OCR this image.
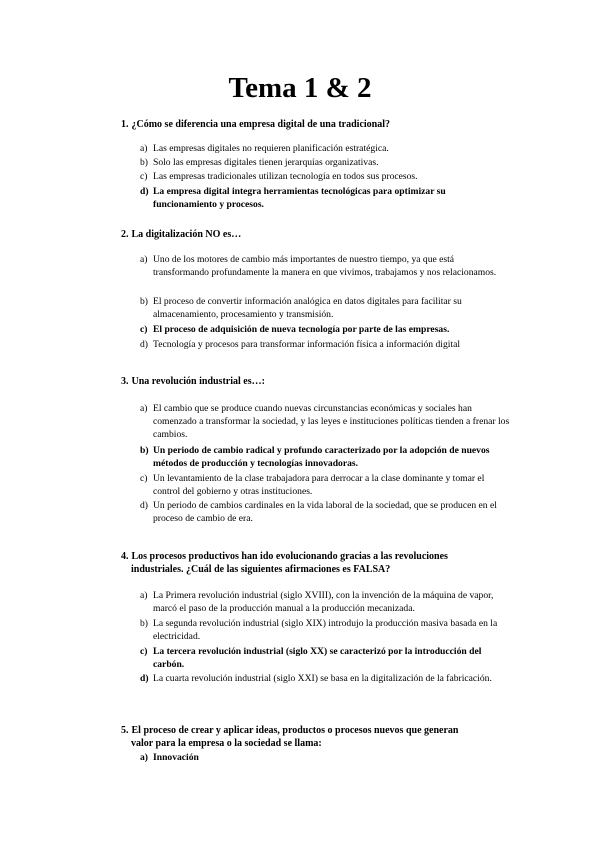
Tema 1 & 2
1. ¿Cómo se diferencia una empresa digital de una tradicional?
a) Las empresas digitales no requieren planificación estratégica.
b) Solo las empresas digitales tienen jerarquías organizativas.
c) Las empresas tradicionales utilizan tecnología en todos sus procesos.
d) La empresa digital integra herramientas tecnológicas para optimizar su funcionamiento y procesos.
2. La digitalización NO es…
a) Uno de los motores de cambio más importantes de nuestro tiempo, ya que está transformando profundamente la manera en que vivimos, trabajamos y nos relacionamos.
b) El proceso de convertir información analógica en datos digitales para facilitar su almacenamiento, procesamiento y transmisión.
c) El proceso de adquisición de nueva tecnología por parte de las empresas.
d) Tecnología y procesos para transformar información física a información digital
3. Una revolución industrial es…:
a) El cambio que se produce cuando nuevas circunstancias económicas y sociales han comenzado a transformar la sociedad, y las leyes e instituciones políticas tienden a frenar los cambios.
b) Un periodo de cambio radical y profundo caracterizado por la adopción de nuevos métodos de producción y tecnologías innovadoras.
c) Un levantamiento de la clase trabajadora para derrocar a la clase dominante y tomar el control del gobierno y otras instituciones.
d) Un periodo de cambios cardinales en la vida laboral de la sociedad, que se producen en el proceso de cambio de era.
4. Los procesos productivos han ido evolucionando gracias a las revoluciones
industriales. ¿Cuál de las siguientes afirmaciones es FALSA?
a) La Primera revolución industrial (siglo XVIII), con la invención de la máquina de vapor, marcó el paso de la producción manual a la producción mecanizada.
b) La segunda revolución industrial (siglo XIX) introdujo la producción masiva basada en la electricidad.
c) La tercera revolución industrial (siglo XX) se caracterizó por la introducción del carbón.
d) La cuarta revolución industrial (siglo XXI) se basa en la digitalización de la fabricación.
5. El proceso de crear y aplicar ideas, productos o procesos nuevos que generan
valor para la empresa o la sociedad se llama:
a) Innovación
